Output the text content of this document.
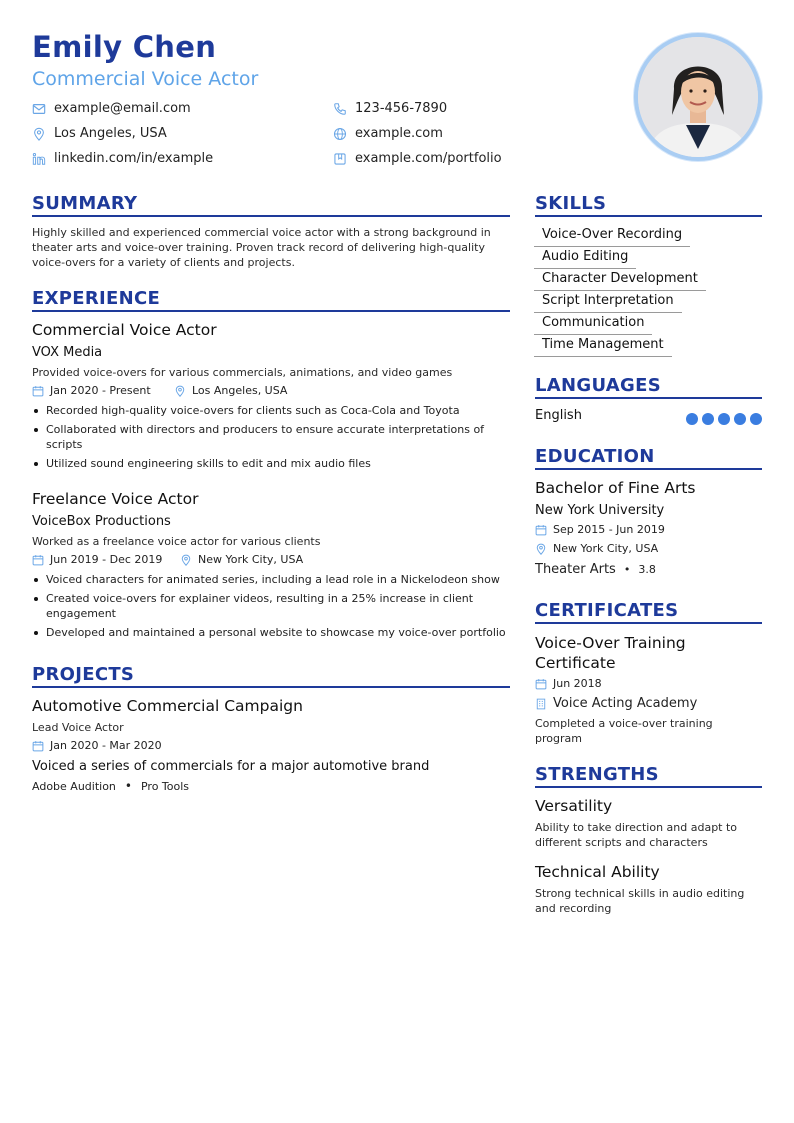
Emily Chen
Commercial Voice Actor
example@email.com	123-456-7890
Los Angeles, USA	example.com
linkedin.com/in/example	example.com/portfolio
SUMMARY
Highly skilled and experienced commercial voice actor with a strong background in theater arts and voice-over training. Proven track record of delivering high-quality voice-overs for a variety of clients and projects.
EXPERIENCE
Commercial Voice Actor
VOX Media
Provided voice-overs for various commercials, animations, and video games
Jan 2020 - Present	Los Angeles, USA
Recorded high-quality voice-overs for clients such as Coca-Cola and Toyota
Collaborated with directors and producers to ensure accurate interpretations of scripts
Utilized sound engineering skills to edit and mix audio files
Freelance Voice Actor
VoiceBox Productions
Worked as a freelance voice actor for various clients
Jun 2019 - Dec 2019	New York City, USA
Voiced characters for animated series, including a lead role in a Nickelodeon show
Created voice-overs for explainer videos, resulting in a 25% increase in client engagement
Developed and maintained a personal website to showcase my voice-over portfolio
PROJECTS
Automotive Commercial Campaign
Lead Voice Actor
Jan 2020 - Mar 2020
Voiced a series of commercials for a major automotive brand
Adobe Audition • Pro Tools
SKILLS
Voice-Over Recording
Audio Editing
Character Development
Script Interpretation
Communication
Time Management
LANGUAGES
English
EDUCATION
Bachelor of Fine Arts
New York University
Sep 2015 - Jun 2019
New York City, USA
Theater Arts • 3.8
CERTIFICATES
Voice-Over Training Certificate
Jun 2018
Voice Acting Academy
Completed a voice-over training program
STRENGTHS
Versatility
Ability to take direction and adapt to different scripts and characters
Technical Ability
Strong technical skills in audio editing and recording
